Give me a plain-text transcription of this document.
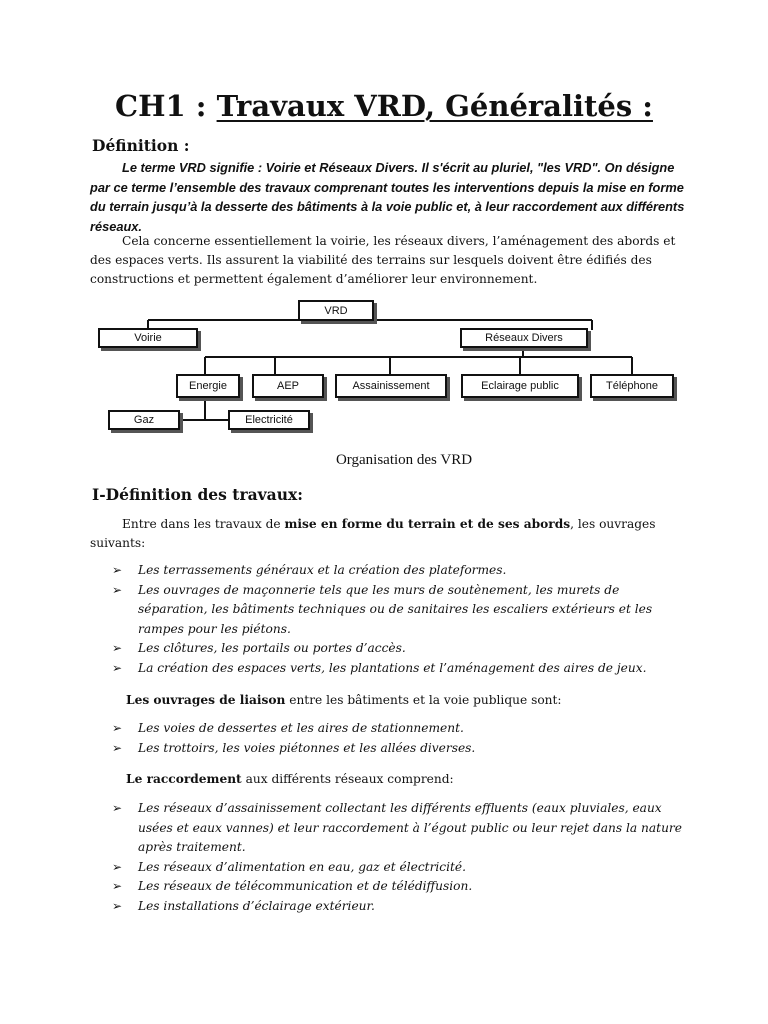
CH1 : Travaux VRD, Généralités :
Définition :

Le terme VRD signifie : Voirie et Réseaux Divers. Il s'écrit au pluriel, "les VRD". On désigne par ce terme l’ensemble des travaux comprenant toutes les interventions depuis la mise en forme du terrain jusqu’à la desserte des bâtiments à la voie public et, à leur raccordement aux différents réseaux.

Cela concerne essentiellement la voirie, les réseaux divers, l’aménagement des abords et des espaces verts. Ils assurent la viabilité des terrains sur lesquels doivent être édifiés des constructions et permettent également d’améliorer leur environnement.

VRD
Voirie	Réseaux Divers
Energie	AEP	Assainissement	Eclairage public	Téléphone
Gaz	Electricité
Organisation des VRD
I-Définition des travaux:

Entre dans les travaux de mise en forme du terrain et de ses abords, les ouvrages suivants:

➢ Les terrassements généraux et la création des plateformes.
➢ Les ouvrages de maçonnerie tels que les murs de soutènement, les murets de séparation, les bâtiments techniques ou de sanitaires les escaliers extérieurs et les rampes pour les piétons.
➢ Les clôtures, les portails ou portes d’accès.
➢ La création des espaces verts, les plantations et l’aménagement des aires de jeux.

Les ouvrages de liaison entre les bâtiments et la voie publique sont:

➢ Les voies de dessertes et les aires de stationnement.
➢ Les trottoirs, les voies piétonnes et les allées diverses.

Le raccordement aux différents réseaux comprend:

➢ Les réseaux d’assainissement collectant les différents effluents (eaux pluviales, eaux usées et eaux vannes) et leur raccordement à l’égout public ou leur rejet dans la nature après traitement.
➢ Les réseaux d’alimentation en eau, gaz et électricité.
➢ Les réseaux de télécommunication et de télédiffusion.
➢ Les installations d’éclairage extérieur.
